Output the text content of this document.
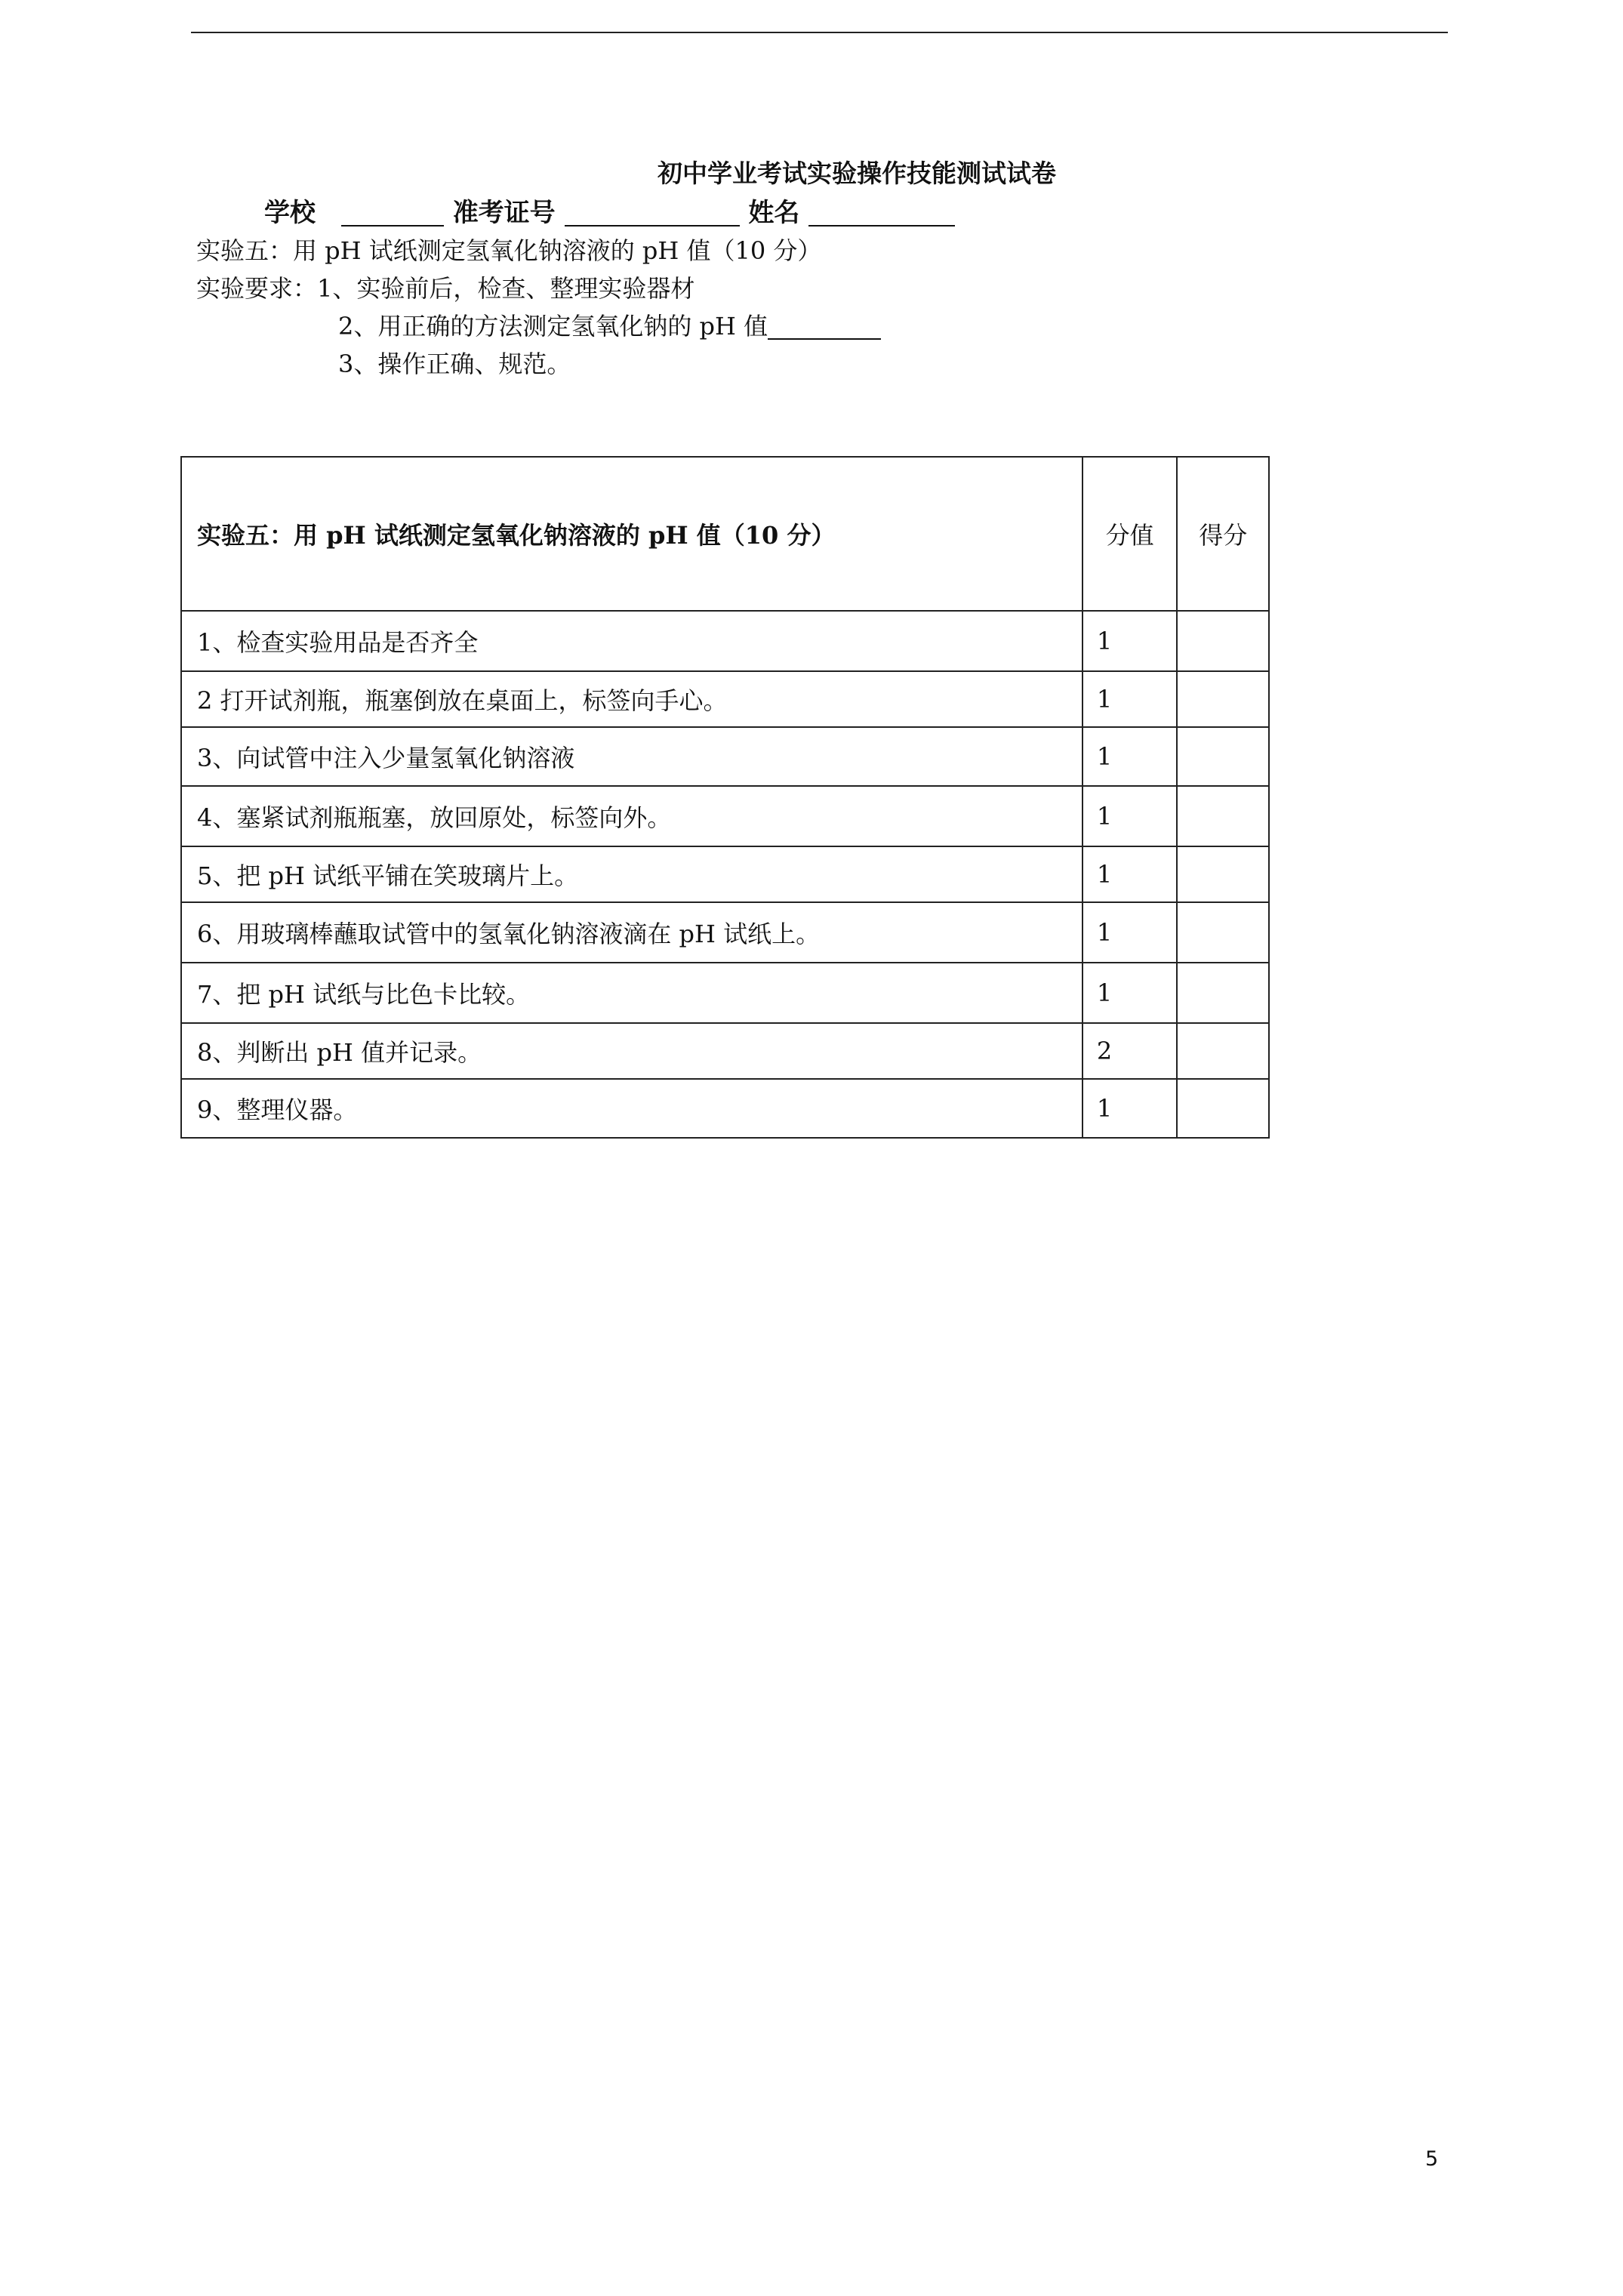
初中学业考试实验操作技能测试试卷
学校	准考证号	姓名
实验五：用 pH 试纸测定氢氧化钠溶液的 pH 值（10 分）
实验要求：1、实验前后，检查、整理实验器材
2、用正确的方法测定氢氧化钠的 pH 值
3、操作正确、规范。
实验五：用 pH 试纸测定氢氧化钠溶液的 pH 值（10 分）	分值	得分
1、检查实验用品是否齐全	1	
2 打开试剂瓶，瓶塞倒放在桌面上，标签向手心。	1	
3、向试管中注入少量氢氧化钠溶液	1	
4、塞紧试剂瓶瓶塞，放回原处，标签向外。	1	
5、把 pH 试纸平铺在笑玻璃片上。	1	
6、用玻璃棒蘸取试管中的氢氧化钠溶液滴在 pH 试纸上。	1	
7、把 pH 试纸与比色卡比较。	1	
8、判断出 pH 值并记录。	2	
9、整理仪器。	1	
5
